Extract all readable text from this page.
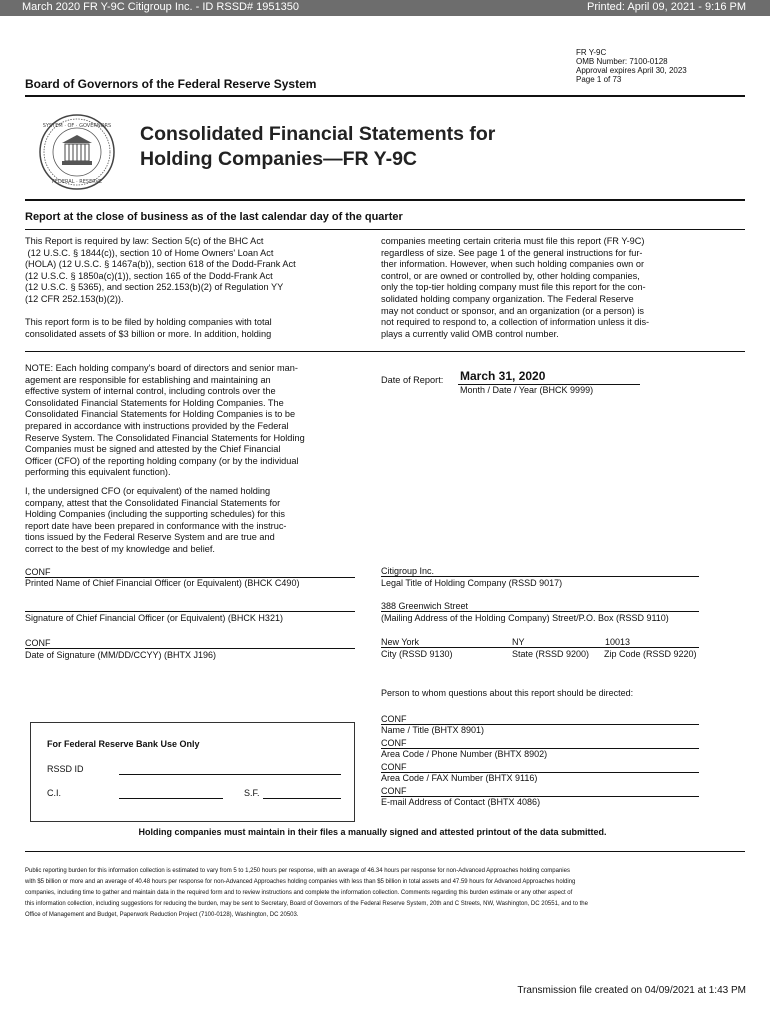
March 2020 FR Y-9C Citigroup Inc. - ID RSSD# 1951350	Printed: April 09, 2021 - 9:16 PM
FR Y-9C
OMB Number: 7100-0128
Approval expires April 30, 2023
Page 1 of 73
Board of Governors of the Federal Reserve System
SYSTEM · OF · GOVERNORS
FEDERAL · RESERVE
Consolidated Financial Statements for
Holding Companies—FR Y-9C
Report at the close of business as of the last calendar day of the quarter
This Report is required by law: Section 5(c) of the BHC Act
(12 U.S.C. § 1844(c)), section 10 of Home Owners' Loan Act
(HOLA) (12 U.S.C. § 1467a(b)), section 618 of the Dodd-Frank Act
(12 U.S.C. § 1850a(c)(1)), section 165 of the Dodd-Frank Act
(12 U.S.C. § 5365), and section 252.153(b)(2) of Regulation YY
(12 CFR 252.153(b)(2)).
This report form is to be filed by holding companies with total
consolidated assets of $3 billion or more. In addition, holding
companies meeting certain criteria must file this report (FR Y-9C)
regardless of size. See page 1 of the general instructions for fur-
ther information. However, when such holding companies own or
control, or are owned or controlled by, other holding companies,
only the top-tier holding company must file this report for the con-
solidated holding company organization. The Federal Reserve
may not conduct or sponsor, and an organization (or a person) is
not required to respond to, a collection of information unless it dis-
plays a currently valid OMB control number.
NOTE: Each holding company's board of directors and senior man-
agement are responsible for establishing and maintaining an
effective system of internal control, including controls over the
Consolidated Financial Statements for Holding Companies. The
Consolidated Financial Statements for Holding Companies is to be
prepared in accordance with instructions provided by the Federal
Reserve System. The Consolidated Financial Statements for Holding
Companies must be signed and attested by the Chief Financial
Officer (CFO) of the reporting holding company (or by the individual
performing this equivalent function).
I, the undersigned CFO (or equivalent) of the named holding
company, attest that the Consolidated Financial Statements for
Holding Companies (including the supporting schedules) for this
report date have been prepared in conformance with the instruc-
tions issued by the Federal Reserve System and are true and
correct to the best of my knowledge and belief.
Date of Report: March 31, 2020
Month / Date / Year (BHCK 9999)
CONF
Printed Name of Chief Financial Officer (or Equivalent) (BHCK C490)
Signature of Chief Financial Officer (or Equivalent) (BHCK H321)
CONF
Date of Signature (MM/DD/CCYY) (BHTX J196)
Citigroup Inc.
Legal Title of Holding Company (RSSD 9017)
388 Greenwich Street
(Mailing Address of the Holding Company) Street/P.O. Box (RSSD 9110)
New York	NY	10013
City (RSSD 9130)	State (RSSD 9200) Zip Code (RSSD 9220)
Person to whom questions about this report should be directed:
CONF
Name / Title (BHTX 8901)
CONF
Area Code / Phone Number (BHTX 8902)
CONF
Area Code / FAX Number (BHTX 9116)
CONF
E-mail Address of Contact (BHTX 4086)
For Federal Reserve Bank Use Only
RSSD ID
C.I.	S.F.
Holding companies must maintain in their files a manually signed and attested printout of the data submitted.
Public reporting burden for this information collection is estimated to vary from 5 to 1,250 hours per response, with an average of 46.34 hours per response for non-Advanced Approaches holding companies
with $5 billion or more and an average of 40.48 hours per response for non-Advanced Approaches holding companies with less than $5 billion in total assets and 47.59 hours for Advanced Approaches holding
companies, including time to gather and maintain data in the required form and to review instructions and complete the information collection. Comments regarding this burden estimate or any other aspect of
this information collection, including suggestions for reducing the burden, may be sent to Secretary, Board of Governors of the Federal Reserve System, 20th and C Streets, NW, Washington, DC 20551, and to the
Office of Management and Budget, Paperwork Reduction Project (7100-0128), Washington, DC 20503.
Transmission file created on 04/09/2021 at 1:43 PM
